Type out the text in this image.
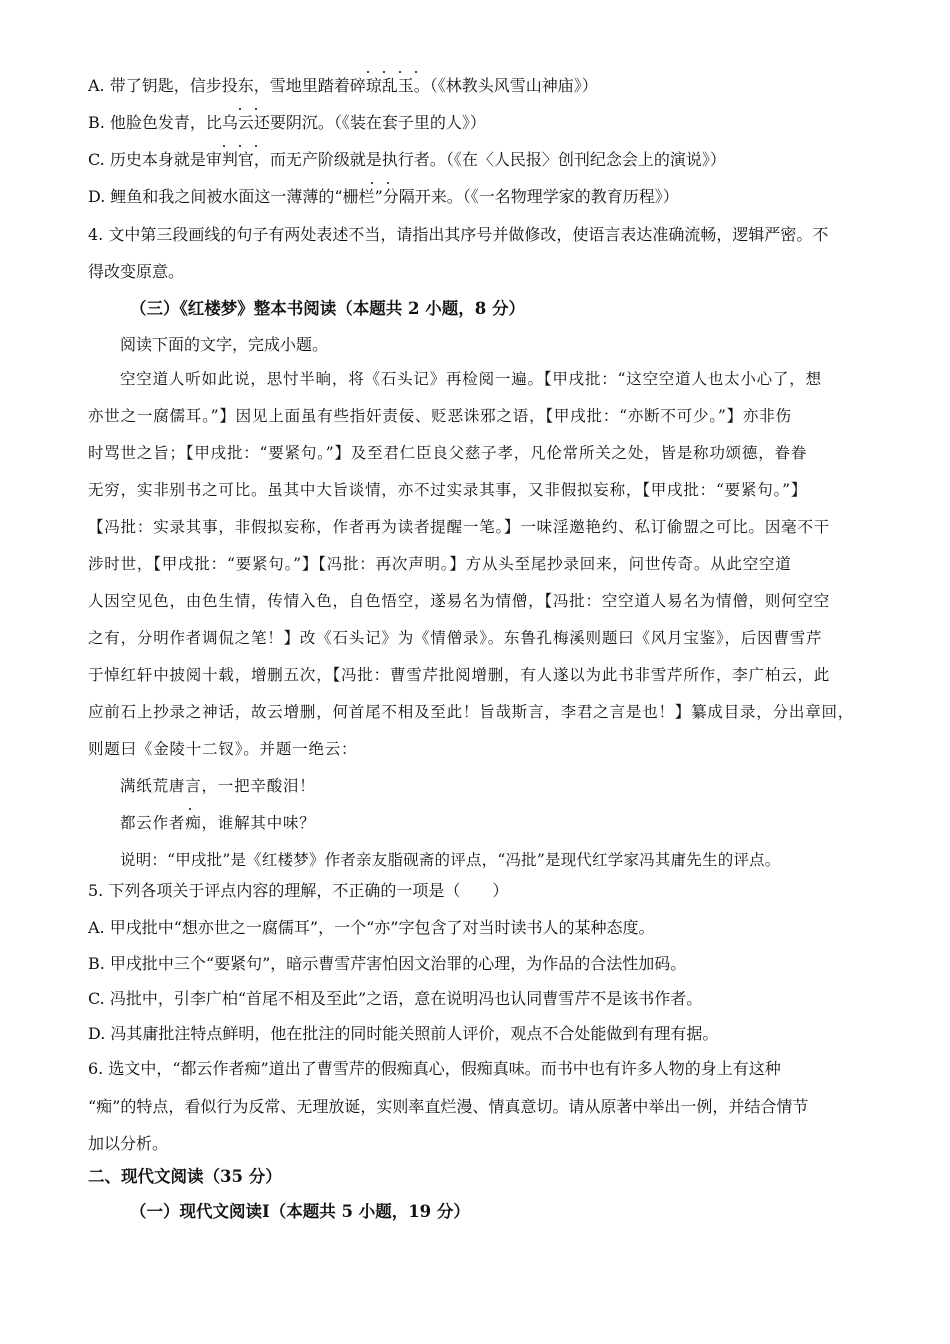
A. 带了钥匙，信步投东，雪地里踏着碎琼乱玉。（《林教头风雪山神庙》）
B. 他脸色发青，比乌云还要阴沉。（《装在套子里的人》）
C. 历史本身就是审判官，而无产阶级就是执行者。（《在〈人民报〉创刊纪念会上的演说》）
D. 鲤鱼和我之间被水面这一薄薄的“栅栏”分隔开来。（《一名物理学家的教育历程》）
4. 文中第三段画线的句子有两处表述不当，请指出其序号并做修改，使语言表达准确流畅，逻辑严密。不
得改变原意。
（三）《红楼梦》整本书阅读（本题共 2 小题，8 分）
阅读下面的文字，完成小题。
空空道人听如此说，思忖半晌，将《石头记》再检阅一遍。【甲戌批：“这空空道人也太小心了，想
亦世之一腐儒耳。”】因见上面虽有些指奸责佞、贬恶诛邪之语，【甲戌批：“亦断不可少。”】亦非伤
时骂世之旨；【甲戌批：“要紧句。”】及至君仁臣良父慈子孝，凡伦常所关之处，皆是称功颂德，眷眷
无穷，实非别书之可比。虽其中大旨谈情，亦不过实录其事，又非假拟妄称，【甲戌批：“要紧句。”】
【冯批：实录其事，非假拟妄称，作者再为读者提醒一笔。】一味淫邀艳约、私订偷盟之可比。因毫不干
涉时世，【甲戌批：“要紧句。”】【冯批：再次声明。】方从头至尾抄录回来，问世传奇。从此空空道
人因空见色，由色生情，传情入色，自色悟空，遂易名为情僧，【冯批：空空道人易名为情僧，则何空空
之有，分明作者调侃之笔！】改《石头记》为《情僧录》。东鲁孔梅溪则题曰《风月宝鉴》，后因曹雪芹
于悼红轩中披阅十载，增删五次，【冯批：曹雪芹批阅增删，有人遂以为此书非雪芹所作，李广柏云，此
应前石上抄录之神话，故云增删，何首尾不相及至此！旨哉斯言，李君之言是也！】纂成目录，分出章回，
则题曰《金陵十二钗》。并题一绝云：
满纸荒唐言，一把辛酸泪！
都云作者痴，谁解其中味？
说明：“甲戌批”是《红楼梦》作者亲友脂砚斋的评点，“冯批”是现代红学家冯其庸先生的评点。
5. 下列各项关于评点内容的理解，不正确的一项是（　　）
A. 甲戌批中“想亦世之一腐儒耳”，一个“亦”字包含了对当时读书人的某种态度。
B. 甲戌批中三个“要紧句”，暗示曹雪芹害怕因文治罪的心理，为作品的合法性加码。
C. 冯批中，引李广柏“首尾不相及至此”之语，意在说明冯也认同曹雪芹不是该书作者。
D. 冯其庸批注特点鲜明，他在批注的同时能关照前人评价，观点不合处能做到有理有据。
6. 选文中，“都云作者痴”道出了曹雪芹的假痴真心，假痴真味。而书中也有许多人物的身上有这种
“痴”的特点，看似行为反常、无理放诞，实则率直烂漫、情真意切。请从原著中举出一例，并结合情节
加以分析。
二、现代文阅读（35 分）
（一）现代文阅读Ⅰ（本题共 5 小题，19 分）
